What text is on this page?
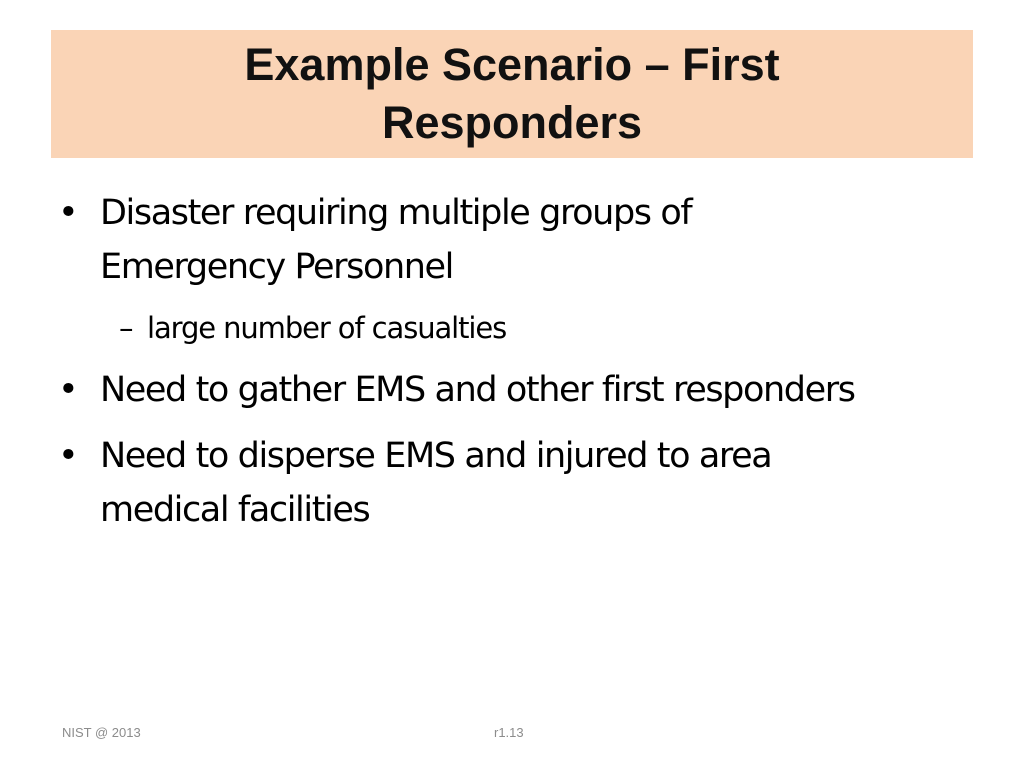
Example Scenario – First
Responders
• Disaster requiring multiple groups of
Emergency Personnel
– large number of casualties
• Need to gather EMS and other first responders
• Need to disperse EMS and injured to area
medical facilities
NIST @ 2013	r1.13
